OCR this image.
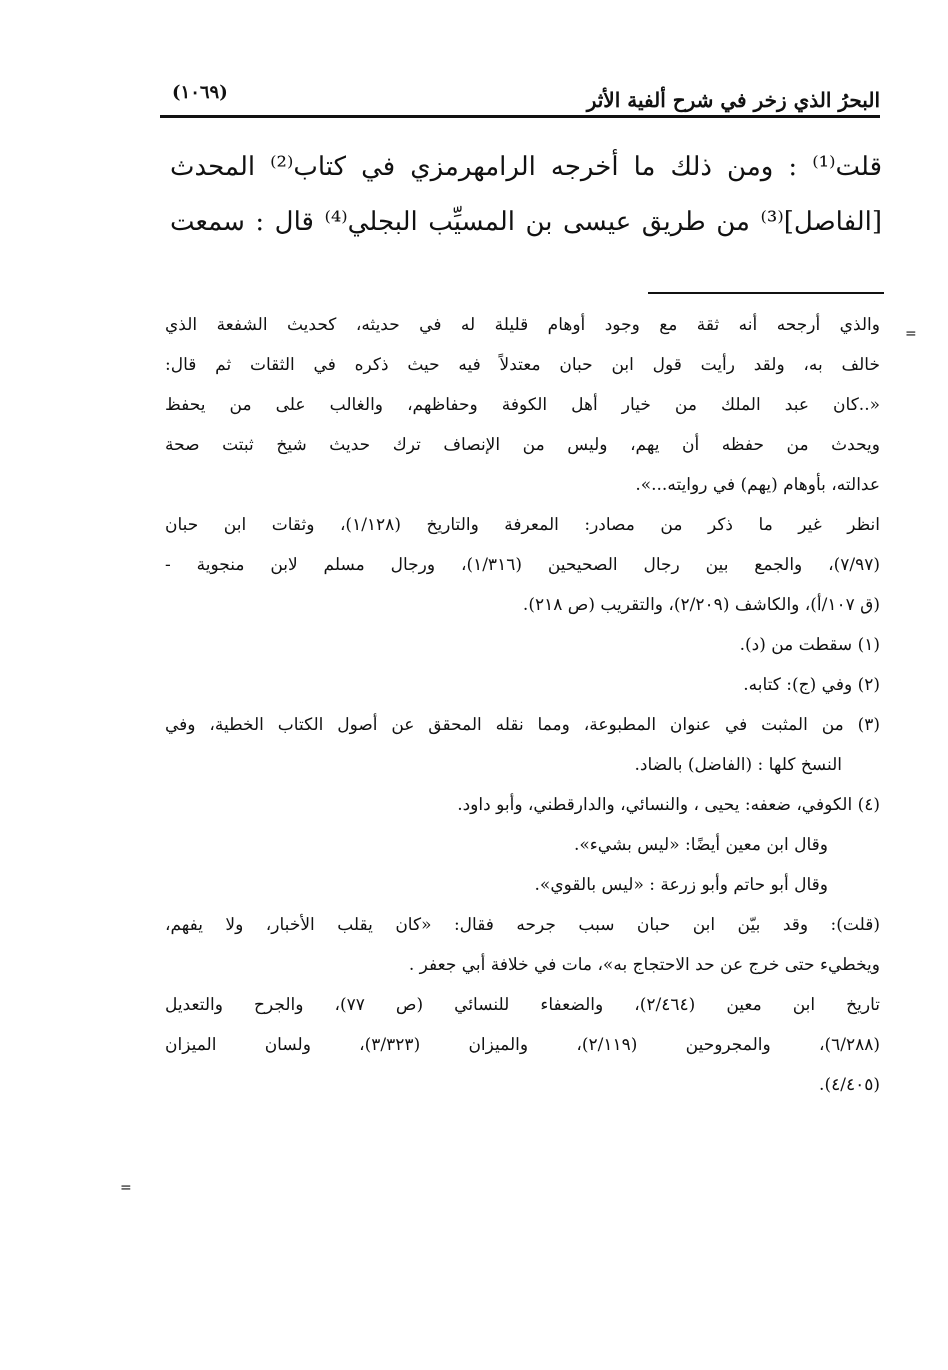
البحرُ الذي زخر في شرح ألفية الأثر
(١٠٦٩)
قلت⁽¹⁾ : ومن ذلك ما أخرجه الرامهرمزي في كتاب⁽²⁾ المحدث
[الفاصل]⁽³⁾ من طريق عيسى بن المسيِّب البجلي⁽⁴⁾ قال : سمعت
=
=
والذي أرجحه أنه ثقة مع وجود أوهام قليلة له في حديثه، كحديث الشفعة الذي
خالف به، ولقد رأيت قول ابن حبان معتدلاً فيه حيث ذكره في الثقات ثم قال:
«..كان عبد الملك من خيار أهل الكوفة وحفاظهم، والغالب على من يحفظ
ويحدث من حفظه أن يهم، وليس من الإنصاف ترك حديث شيخ ثبتت صحة
عدالته، بأوهام (يهم) في روايته...».
انظر غير ما ذكر من مصادر: المعرفة والتاريخ (١/١٢٨)، وثقات ابن حبان
(٧/٩٧)، والجمع بين رجال الصحيحين (١/٣١٦)، ورجال مسلم لابن منجوية -
(ق ١٠٧/أ)، والكاشف (٢/٢٠٩)، والتقريب (ص ٢١٨).
(١) سقطت من (د).
(٢) وفي (ج): كتابه.
(٣) من المثبت في عنوان المطبوعة، ومما نقله المحقق عن أصول الكتاب الخطية، وفي
النسخ كلها : (الفاضل) بالضاد.
(٤) الكوفي، ضعفه: يحيى ، والنسائي، والدارقطني، وأبو داود.
وقال ابن معين أيضًا: «ليس بشيء».
وقال أبو حاتم وأبو زرعة : «ليس بالقوي».
(قلت): وقد بيّن ابن حبان سبب جرحه فقال: «كان يقلب الأخبار، ولا يفهم،
ويخطيء حتى خرج عن حد الاحتجاج به»، مات في خلافة أبي جعفر .
تاريخ ابن معين (٢/٤٦٤)، والضعفاء للنسائي (ص ٧٧)، والجرح والتعديل
(٦/٢٨٨)، والمجروحين (٢/١١٩)، والميزان (٣/٣٢٣)، ولسان الميزان
(٤/٤٠٥).
